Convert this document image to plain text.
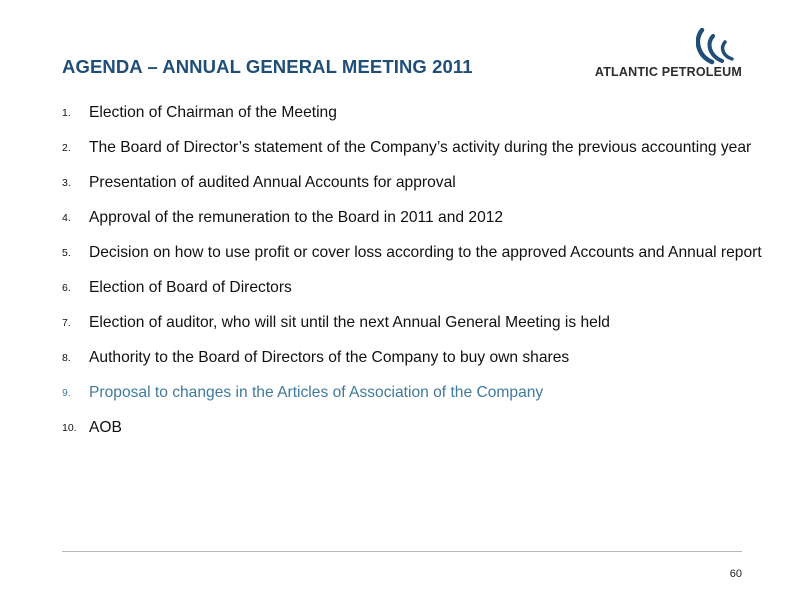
AGENDA – ANNUAL GENERAL MEETING 2011	ATLANTIC PETROLEUM
1. Election of Chairman of the Meeting
2. The Board of Director’s statement of the Company’s activity during the previous accounting year
3. Presentation of audited Annual Accounts for approval
4. Approval of the remuneration to the Board in 2011 and 2012
5. Decision on how to use profit or cover loss according to the approved Accounts and Annual report
6. Election of Board of Directors
7. Election of auditor, who will sit until the next Annual General Meeting is held
8. Authority to the Board of Directors of the Company to buy own shares
9. Proposal to changes in the Articles of Association of the Company
10. AOB
60
